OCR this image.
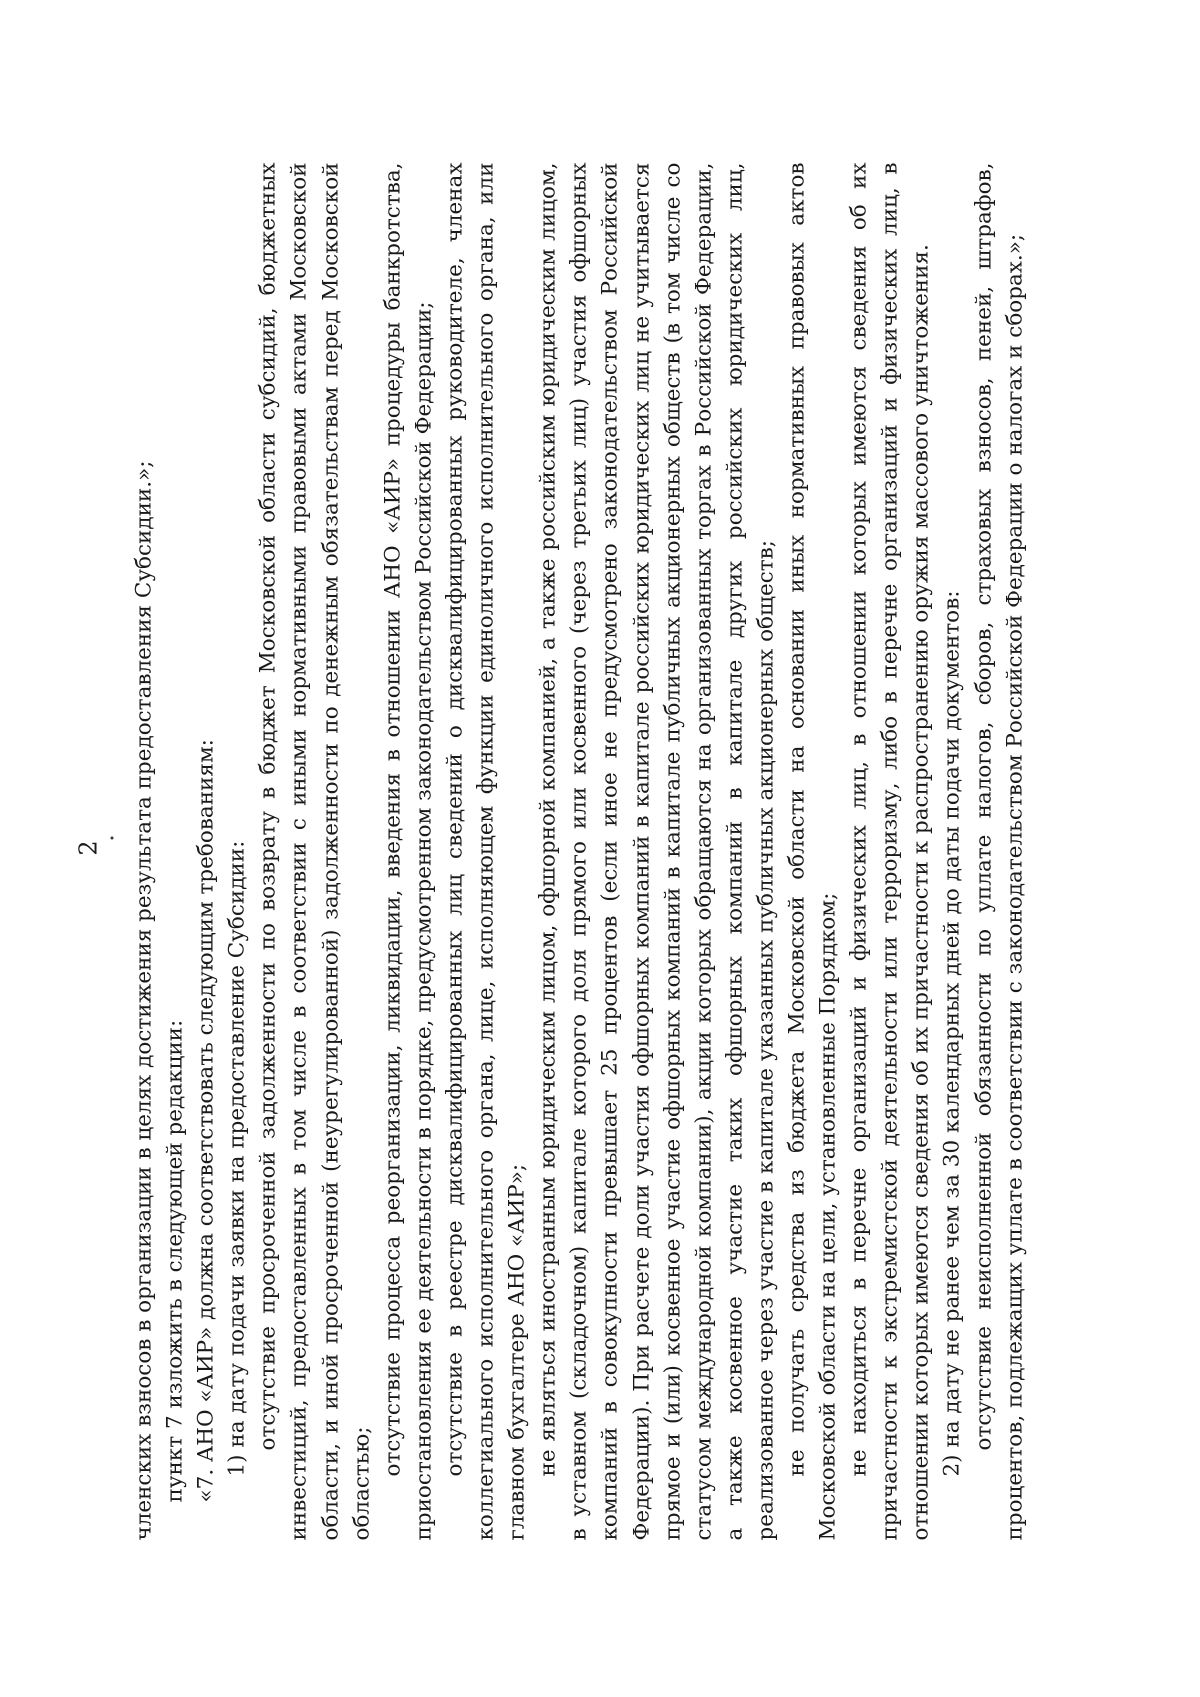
2 членских взносов в организации в целях достижения результата предоставления Субсидии.»; пункт 7 изложить в следующей редакции: «7. АНО «АИР» должна соответствовать следующим требованиям: 1) на дату подачи заявки на предоставление Субсидии: отсутствие просроченной задолженности по возврату в бюджет Московской области субсидий, бюджетных инвестиций, предоставленных в том числе в соответствии с иными нормативными правовыми актами Московской области, и иной просроченной (неурегулированной) задолженности по денежным обязательствам перед Московской областью;

отсутствие процесса реорганизации, ликвидации, введения в отношении АНО «АИР» процедуры банкротства, приостановления ее деятельности в порядке, предусмотренном законодательством Российской Федерации; отсутствие в реестре дисквалифицированных лиц сведений о дисквалифицированных руководителе, членах коллегиального исполнительного органа, лице, исполняющем функции единоличного исполнительного органа, или главном бухгалтере АНО «АИР»; не являться иностранным юридическим лицом, офшорной компанией, а также российским юридическим лицом, в уставном (складочном) капитале которого доля прямого или косвенного (через третьих лиц) участия офшорных компаний в совокупности превышает 25 процентов (если иное не предусмотрено законодательством Российской Федерации). При расчете доли участия офшорных компаний в капитале российских юридических лиц не учитывается прямое и (или) косвенное участие офшорных компаний в капитале публичных акционерных обществ (в том числе со статусом международной компании), акции которых обращаются на организованных торгах в Российской Федерации, а также косвенное участие таких офшорных компаний в капитале других российских юридических лиц, реализованное через участие в капитале указанных публичных акционерных обществ; не получать средства из бюджета Московской области на основании иных нормативных правовых актов Московской области на цели, установленные Порядком; не находиться в перечне организаций и физических лиц, в отношении которых имеются сведения об их причастности к экстремистской деятельности или терроризму, либо в перечне организаций и физических лиц, в отношении которых имеются сведения об их причастности к распространению оружия массового уничтожения. 2) на дату не ранее чем за 30 календарных дней до даты подачи документов: отсутствие неисполненной обязанности по уплате налогов, сборов, страховых взносов, пеней, штрафов, процентов, подлежащих уплате в соответствии с законодательством Российской Федерации о налогах и сборах.»;
